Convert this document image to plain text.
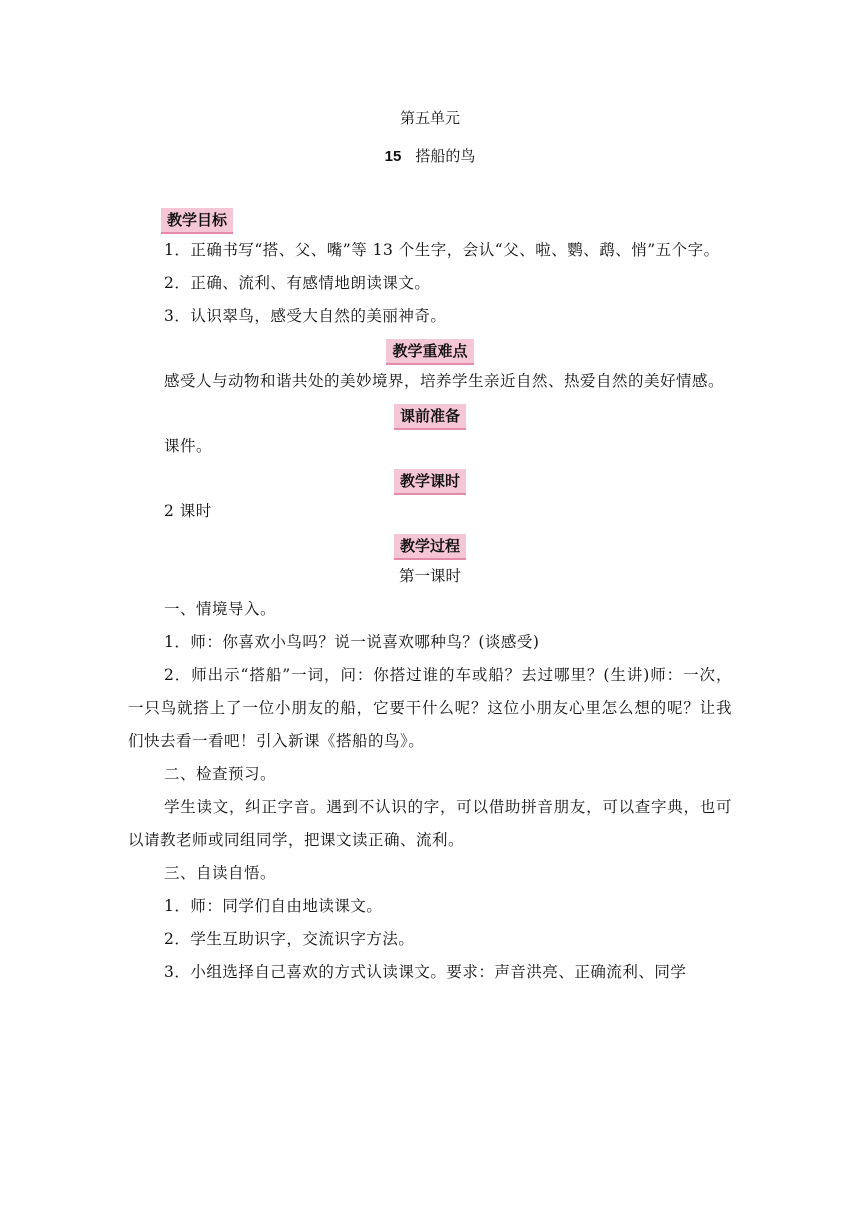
第五单元

15 搭船的鸟

教学目标

1．正确书写“搭、父、嘴”等 13 个生字，会认“父、啦、鹦、鹉、悄”五个字。

2．正确、流利、有感情地朗读课文。

3．认识翠鸟，感受大自然的美丽神奇。

教学重难点

感受人与动物和谐共处的美妙境界，培养学生亲近自然、热爱自然的美好情感。

课前准备

课件。

教学课时

2 课时

教学过程

第一课时

一、情境导入。

1．师：你喜欢小鸟吗？说一说喜欢哪种鸟？(谈感受)

2．师出示“搭船”一词，问：你搭过谁的车或船？去过哪里？(生讲)师：一次，一只鸟就搭上了一位小朋友的船，它要干什么呢？这位小朋友心里怎么想的呢？让我们快去看一看吧！引入新课《搭船的鸟》。

二、检查预习。

学生读文，纠正字音。遇到不认识的字，可以借助拼音朋友，可以查字典，也可以请教老师或同组同学，把课文读正确、流利。

三、自读自悟。

1．师：同学们自由地读课文。

2．学生互助识字，交流识字方法。

3．小组选择自己喜欢的方式认读课文。要求：声音洪亮、正确流利、同学
